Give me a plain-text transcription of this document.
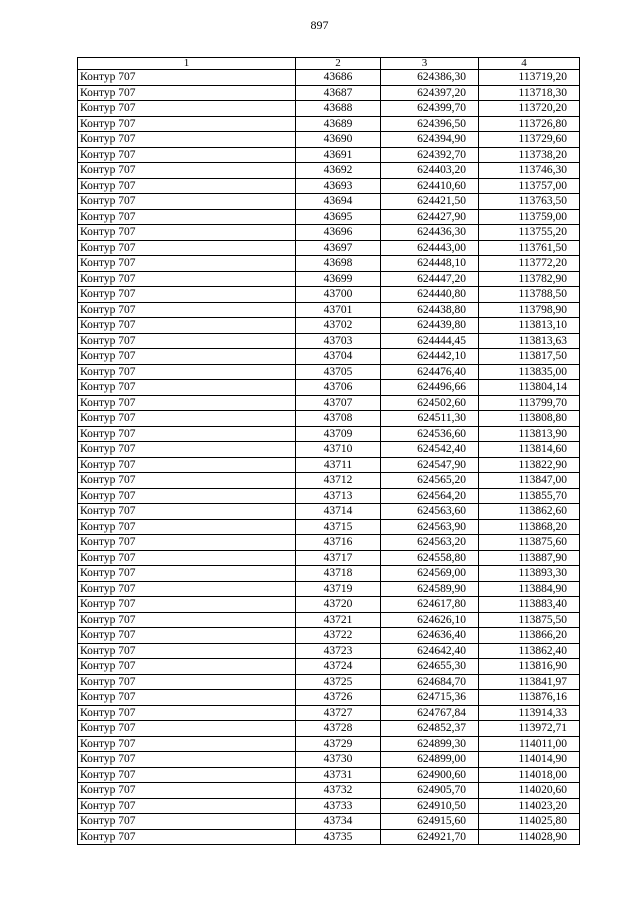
897
1	2	3	4
Контур 707	43686	624386,30	113719,20
Контур 707	43687	624397,20	113718,30
Контур 707	43688	624399,70	113720,20
Контур 707	43689	624396,50	113726,80
Контур 707	43690	624394,90	113729,60
Контур 707	43691	624392,70	113738,20
Контур 707	43692	624403,20	113746,30
Контур 707	43693	624410,60	113757,00
Контур 707	43694	624421,50	113763,50
Контур 707	43695	624427,90	113759,00
Контур 707	43696	624436,30	113755,20
Контур 707	43697	624443,00	113761,50
Контур 707	43698	624448,10	113772,20
Контур 707	43699	624447,20	113782,90
Контур 707	43700	624440,80	113788,50
Контур 707	43701	624438,80	113798,90
Контур 707	43702	624439,80	113813,10
Контур 707	43703	624444,45	113813,63
Контур 707	43704	624442,10	113817,50
Контур 707	43705	624476,40	113835,00
Контур 707	43706	624496,66	113804,14
Контур 707	43707	624502,60	113799,70
Контур 707	43708	624511,30	113808,80
Контур 707	43709	624536,60	113813,90
Контур 707	43710	624542,40	113814,60
Контур 707	43711	624547,90	113822,90
Контур 707	43712	624565,20	113847,00
Контур 707	43713	624564,20	113855,70
Контур 707	43714	624563,60	113862,60
Контур 707	43715	624563,90	113868,20
Контур 707	43716	624563,20	113875,60
Контур 707	43717	624558,80	113887,90
Контур 707	43718	624569,00	113893,30
Контур 707	43719	624589,90	113884,90
Контур 707	43720	624617,80	113883,40
Контур 707	43721	624626,10	113875,50
Контур 707	43722	624636,40	113866,20
Контур 707	43723	624642,40	113862,40
Контур 707	43724	624655,30	113816,90
Контур 707	43725	624684,70	113841,97
Контур 707	43726	624715,36	113876,16
Контур 707	43727	624767,84	113914,33
Контур 707	43728	624852,37	113972,71
Контур 707	43729	624899,30	114011,00
Контур 707	43730	624899,00	114014,90
Контур 707	43731	624900,60	114018,00
Контур 707	43732	624905,70	114020,60
Контур 707	43733	624910,50	114023,20
Контур 707	43734	624915,60	114025,80
Контур 707	43735	624921,70	114028,90
